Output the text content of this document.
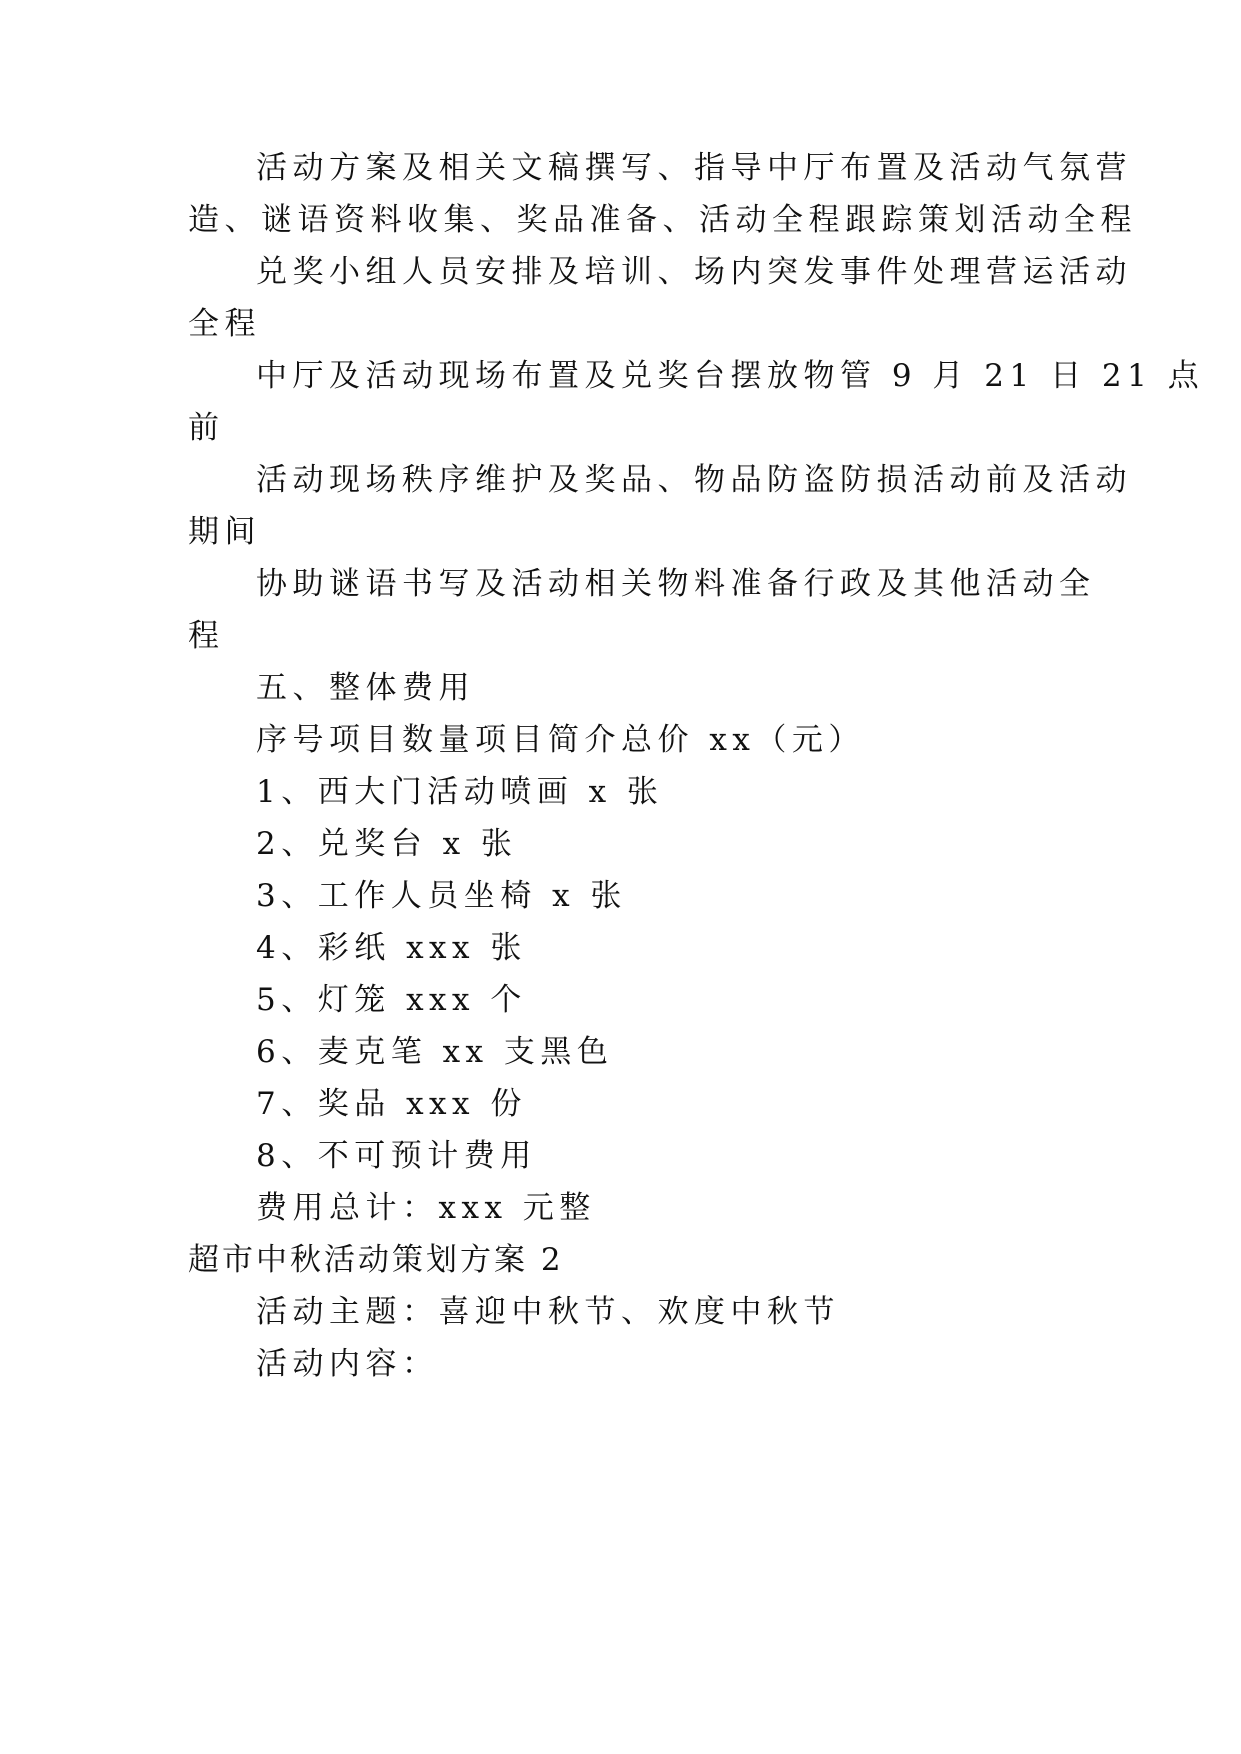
活动方案及相关文稿撰写、指导中厅布置及活动气氛营

造、谜语资料收集、奖品准备、活动全程跟踪策划活动全程

兑奖小组人员安排及培训、场内突发事件处理营运活动

全程

中厅及活动现场布置及兑奖台摆放物管 9 月 21 日 21 点

前

活动现场秩序维护及奖品、物品防盗防损活动前及活动

期间

协助谜语书写及活动相关物料准备行政及其他活动全

程

五、整体费用

序号项目数量项目简介总价 xx（元）

1、西大门活动喷画 x 张

2、兑奖台 x 张

3、工作人员坐椅 x 张

4、彩纸 xxx 张

5、灯笼 xxx 个

6、麦克笔 xx 支黑色

7、奖品 xxx 份

8、不可预计费用

费用总计：xxx 元整

超市中秋活动策划方案 2

活动主题：喜迎中秋节、欢度中秋节

活动内容：
